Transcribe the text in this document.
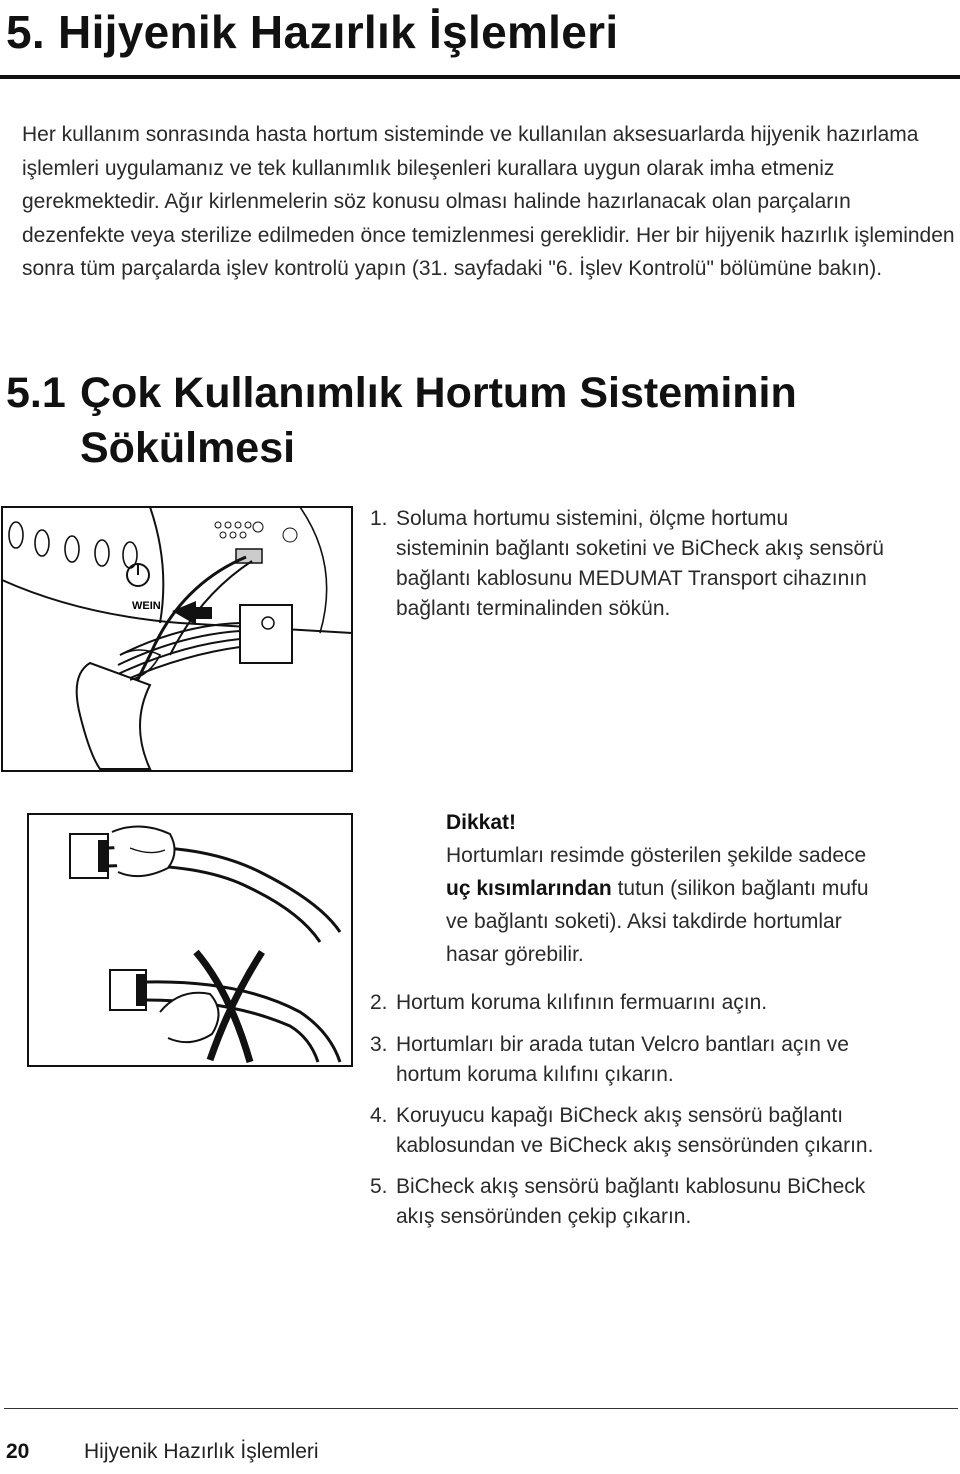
5. Hijyenik Hazırlık İşlemleri

Her kullanım sonrasında hasta hortum sisteminde ve kullanılan aksesuarlarda hijyenik hazırlama işlemleri uygulamanız ve tek kullanımlık bileşenleri kurallara uygun olarak imha etmeniz gerekmektedir. Ağır kirlenmelerin söz konusu olması halinde hazırlanacak olan parçaların dezenfekte veya sterilize edilmeden önce temizlenmesi gereklidir. Her bir hijyenik hazırlık işleminden sonra tüm parçalarda işlev kontrolü yapın (31. sayfadaki "6. İşlev Kontrolü" bölümüne bakın).

5.1 Çok Kullanımlık Hortum Sisteminin
Sökülmesi
WEIN
1. Soluma hortumu sistemini, ölçme hortumu
sisteminin bağlantı soketini ve BiCheck akış sensörü
bağlantı kablosunu MEDUMAT Transport cihazının
bağlantı terminalinden sökün.
Dikkat!
Hortumları resimde gösterilen şekilde sadece
uç kısımlarından tutun (silikon bağlantı mufu
ve bağlantı soketi). Aksi takdirde hortumlar
hasar görebilir.
2. Hortum koruma kılıfının fermuarını açın.
3. Hortumları bir arada tutan Velcro bantları açın ve
hortum koruma kılıfını çıkarın.
4. Koruyucu kapağı BiCheck akış sensörü bağlantı
kablosundan ve BiCheck akış sensöründen çıkarın.
5. BiCheck akış sensörü bağlantı kablosunu BiCheck
akış sensöründen çekip çıkarın.
20	Hijyenik Hazırlık İşlemleri
